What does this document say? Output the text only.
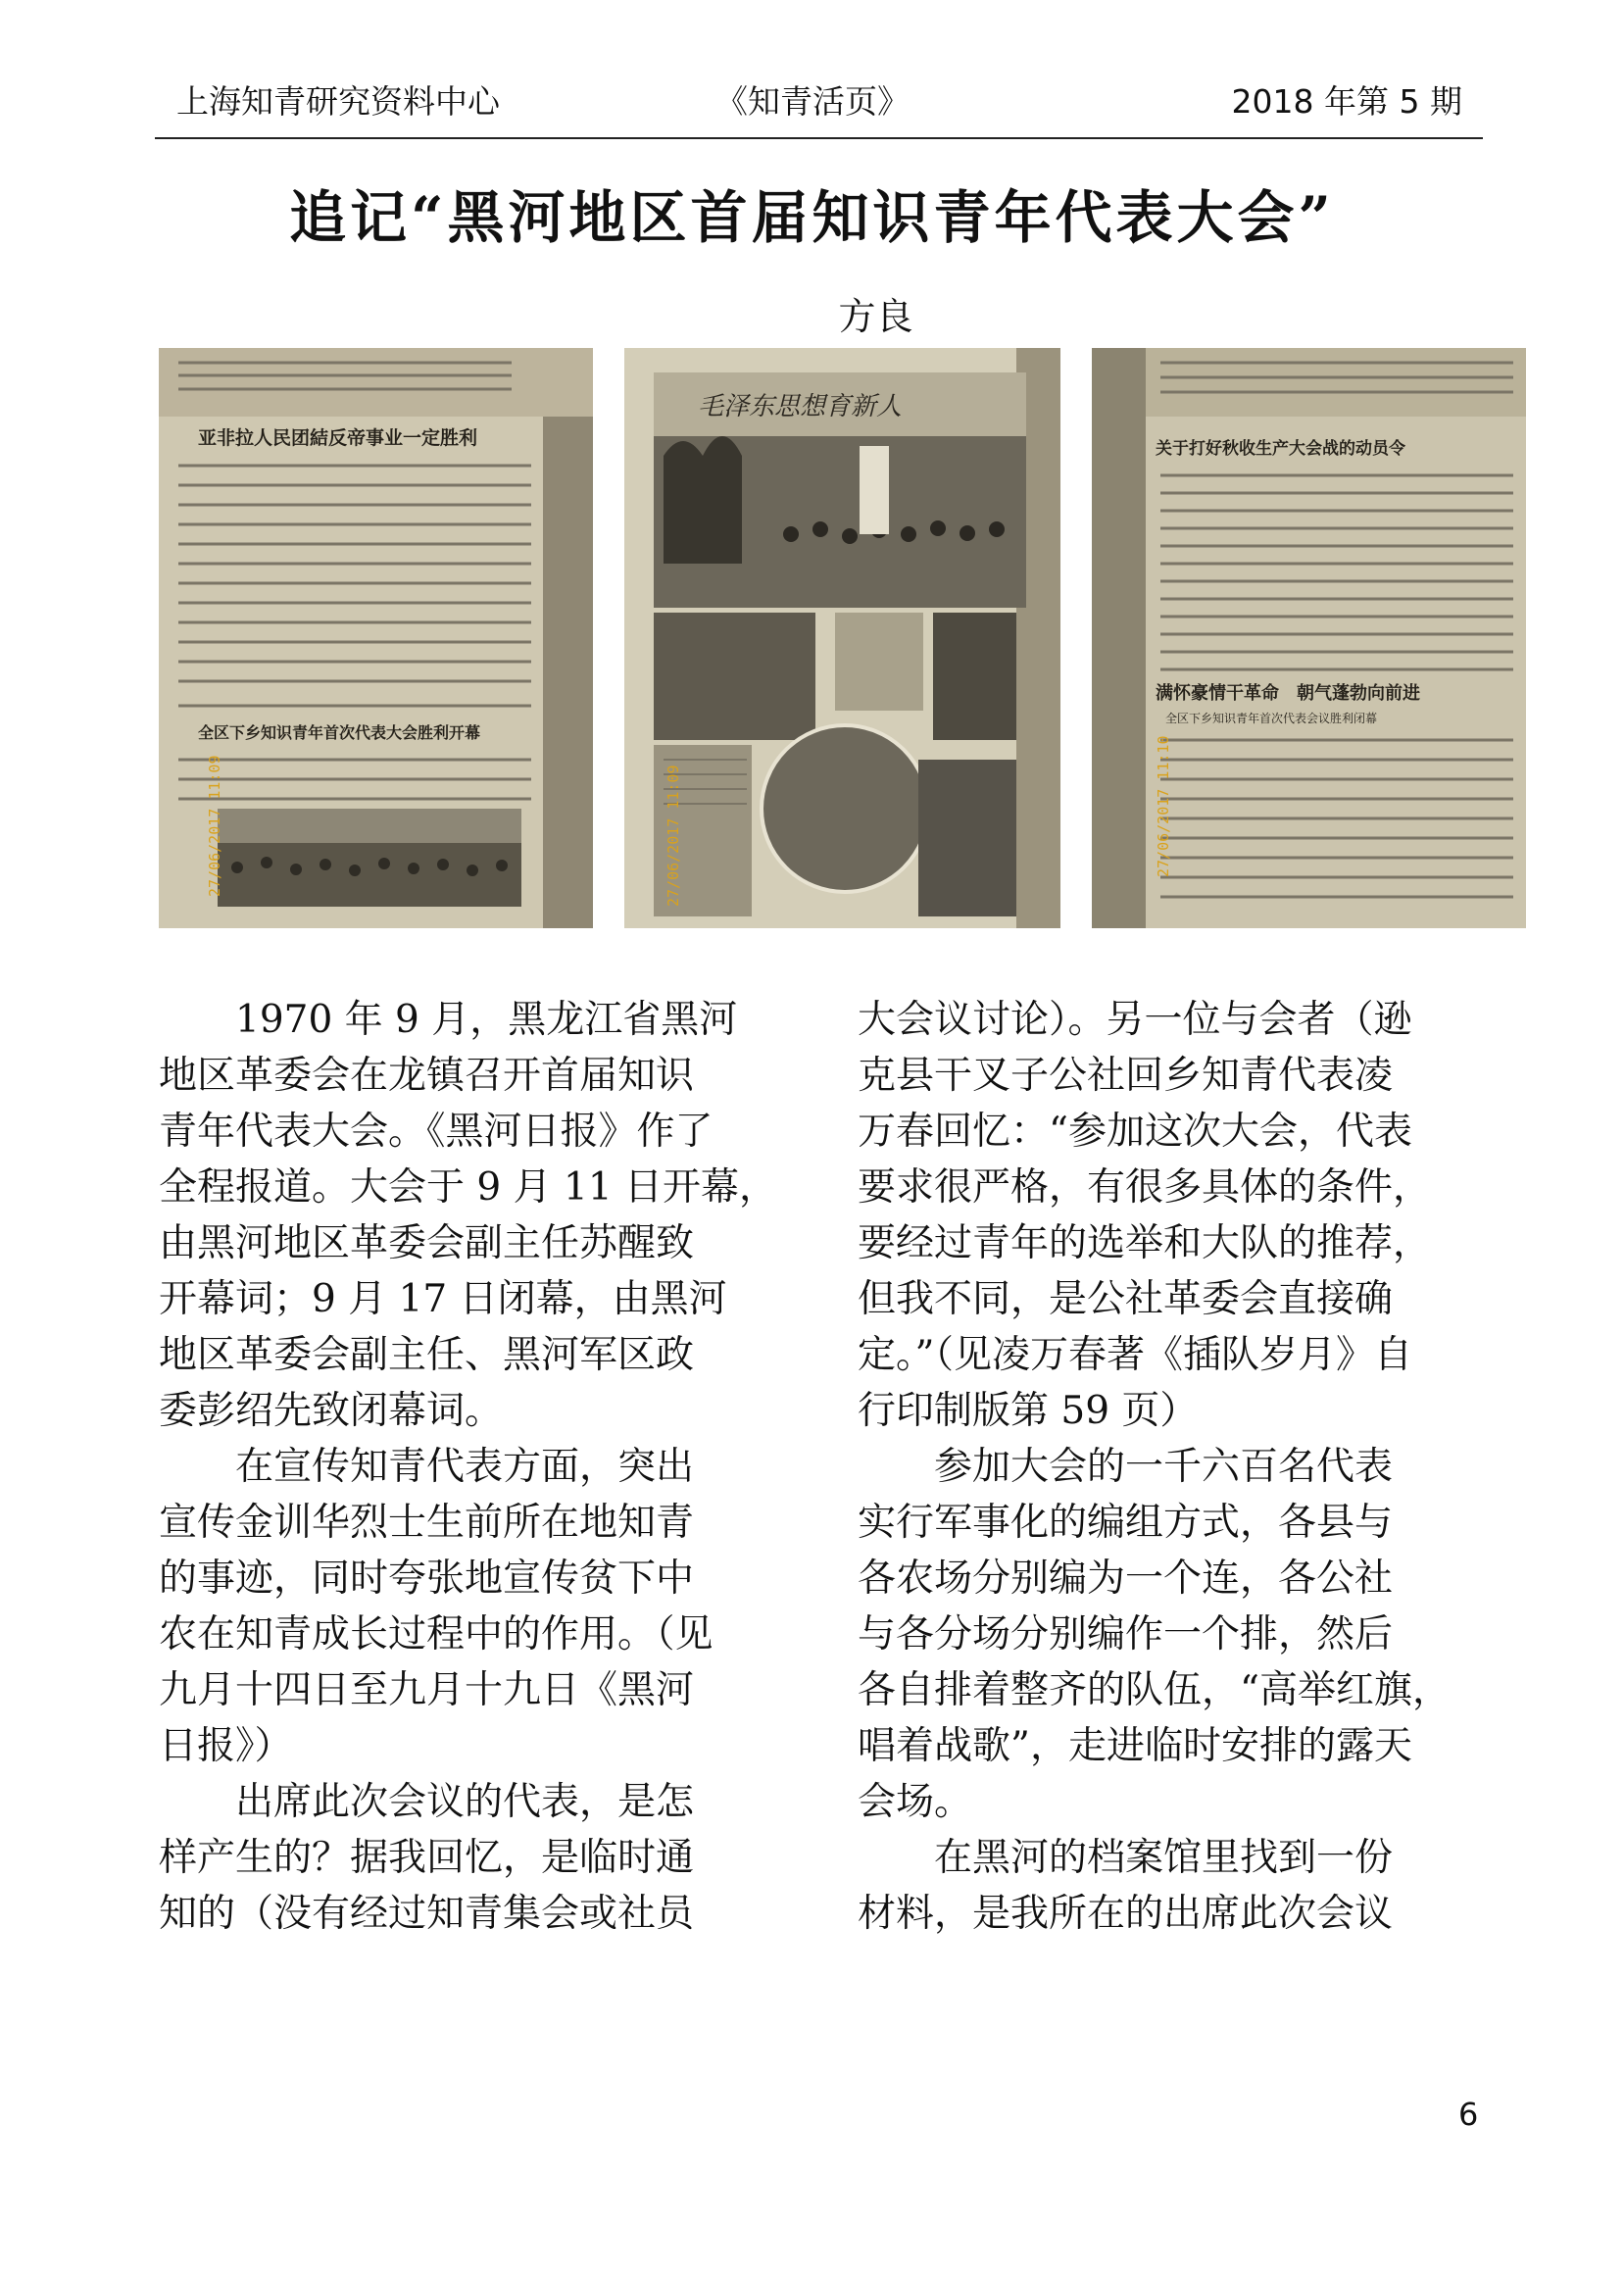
上海知青研究资料中心	《知青活页》	2018 年第 5 期
追记“黑河地区首届知识青年代表大会”
方良
亚非拉人民团結反帝事业一定胜利
全区下乡知识青年首次代表大会胜利开幕
27/06/2017 11:09
毛泽东思想育新人
27/06/2017 11:09
关于打好秋收生产大会战的动员令
满怀豪情干革命　朝气蓬勃向前进
全区下乡知识青年首次代表会议胜利闭幕
27/06/2017 11:10
　　1970 年 9 月，黑龙江省黑河
地区革委会在龙镇召开首届知识
青年代表大会。《黑河日报》作了
全程报道。大会于 9 月 11 日开幕，
由黑河地区革委会副主任苏醒致
开幕词；9 月 17 日闭幕，由黑河
地区革委会副主任、黑河军区政
委彭绍先致闭幕词。
　　在宣传知青代表方面，突出
宣传金训华烈士生前所在地知青
的事迹，同时夸张地宣传贫下中
农在知青成长过程中的作用。（见
九月十四日至九月十九日《黑河
日报》）
　　出席此次会议的代表，是怎
样产生的？据我回忆，是临时通
知的（没有经过知青集会或社员
大会议讨论）。另一位与会者（逊
克县干叉子公社回乡知青代表凌
万春回忆：“参加这次大会，代表
要求很严格，有很多具体的条件，
要经过青年的选举和大队的推荐，
但我不同，是公社革委会直接确
定。”（见凌万春著《插队岁月》自
行印制版第 59 页）
　　参加大会的一千六百名代表
实行军事化的编组方式，各县与
各农场分别编为一个连，各公社
与各分场分别编作一个排，然后
各自排着整齐的队伍，“高举红旗，
唱着战歌”，走进临时安排的露天
会场。
　　在黑河的档案馆里找到一份
材料，是我所在的出席此次会议
6
